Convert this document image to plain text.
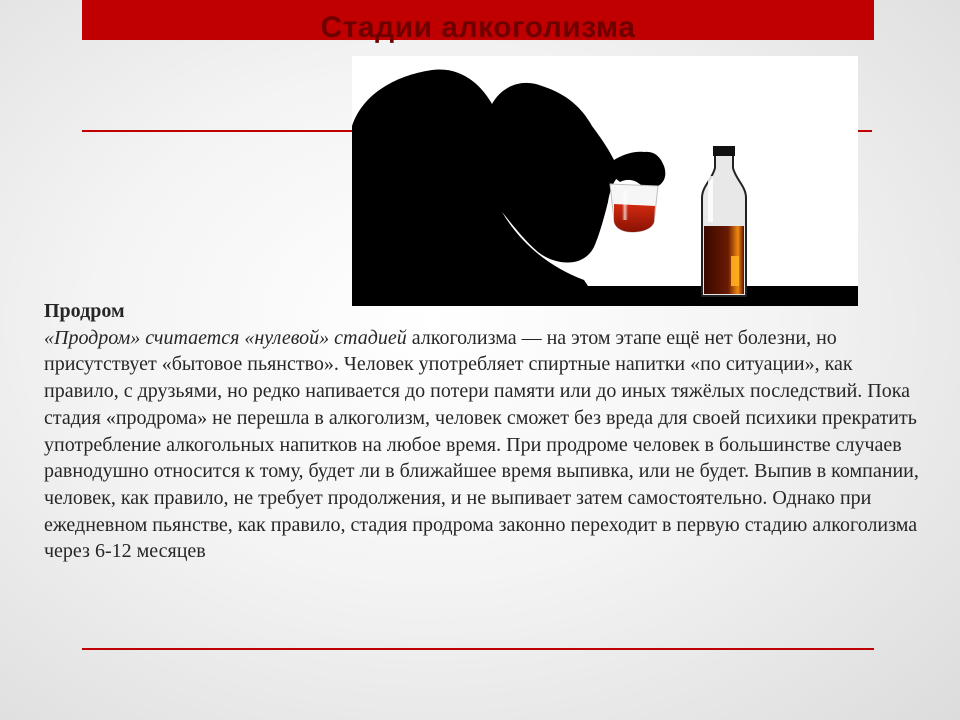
Стадии алкоголизма
Продром
«Продром» считается «нулевой» стадией алкоголизма — на этом этапе ещё нет болезни, но присутствует «бытовое пьянство». Человек употребляет спиртные напитки «по ситуации», как правило, с друзьями, но редко напивается до потери памяти или до иных тяжёлых последствий. Пока стадия «продрома» не перешла в алкоголизм, человек сможет без вреда для своей психики прекратить употребление алкогольных напитков на любое время. При продроме человек в большинстве случаев равнодушно относится к тому, будет ли в ближайшее время выпивка, или не будет. Выпив в компании, человек, как правило, не требует продолжения, и не выпивает затем самостоятельно. Однако при ежедневном пьянстве, как правило, стадия продрома законно переходит в первую стадию алкоголизма через 6-12 месяцев
